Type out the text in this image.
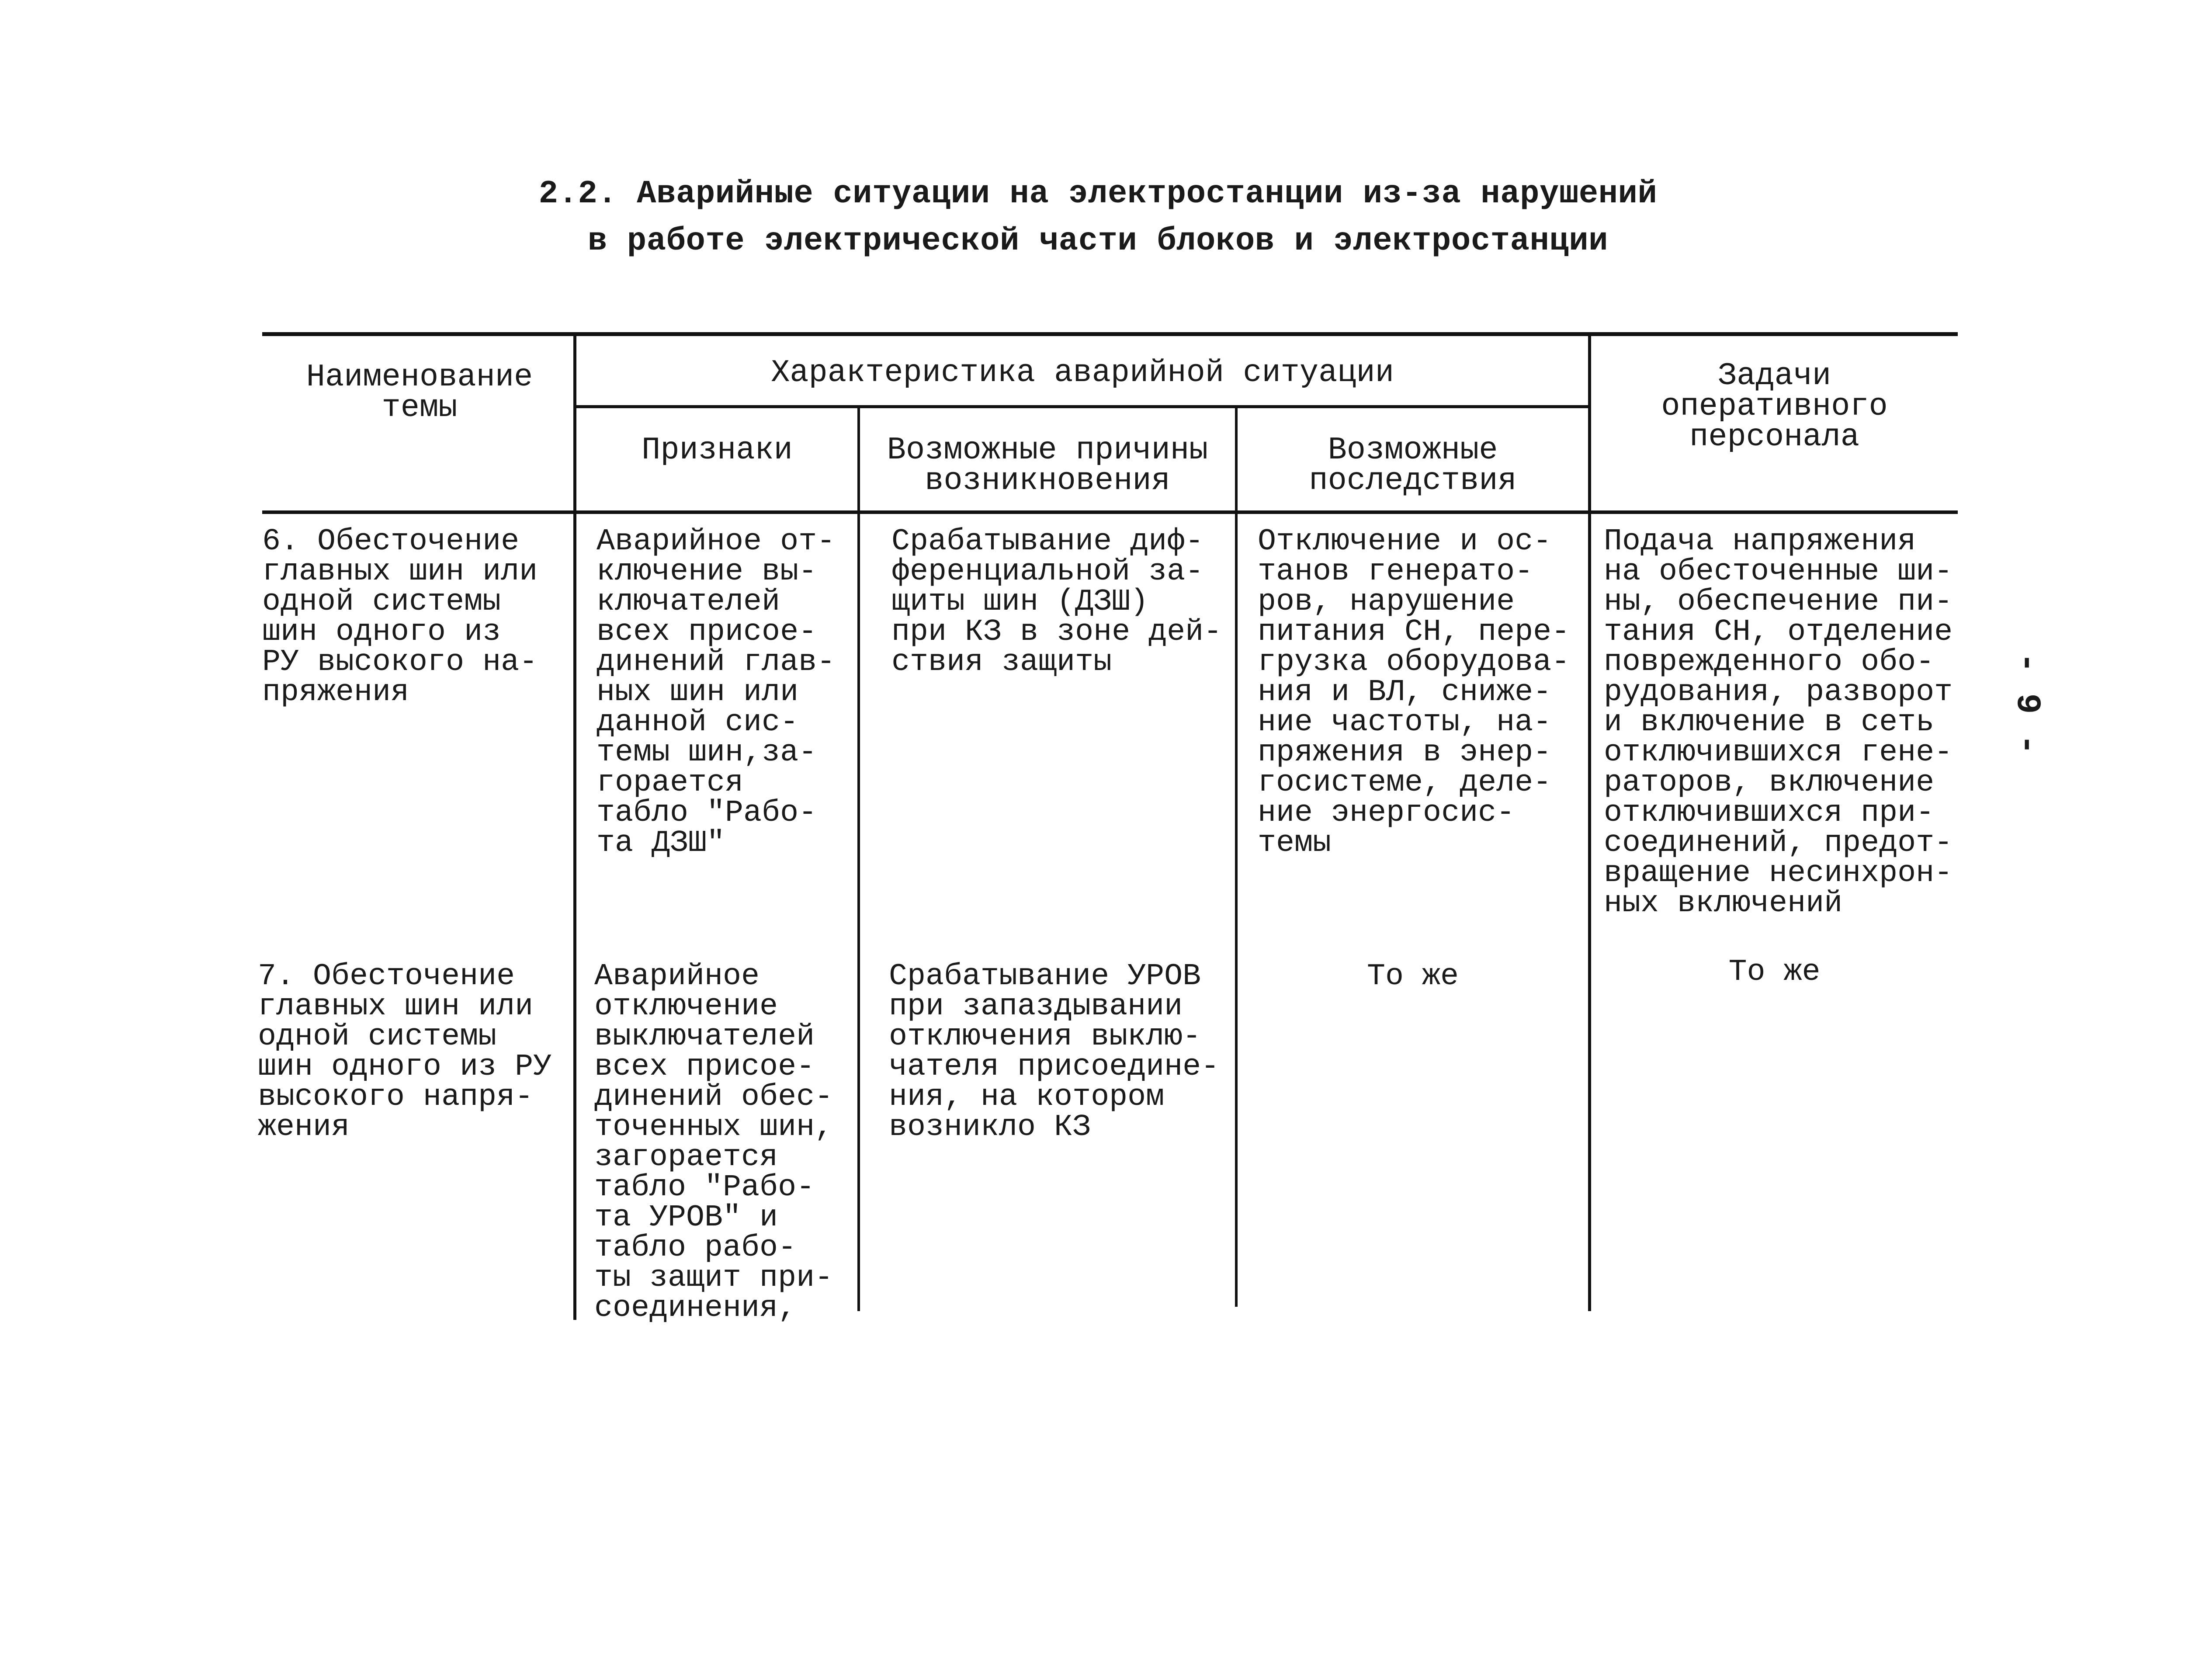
2.2. Аварийные ситуации на электростанции из-за нарушений
в работе электрической части блоков и электростанции
Наименование
темы
Характеристика аварийной ситуации
Признаки	Возможные причины
возникновения
Возможные
последствия
Задачи
оперативного
персонала
6. Обесточение
главных шин или
одной системы
шин одного из
РУ высокого на-
пряжения
Аварийное от-
ключение вы-
ключателей
всех присое-
динений глав-
ных шин или
данной сис-
темы шин,за-
горается
табло "Рабо-
та ДЗШ"
Срабатывание диф-
ференциальной за-
щиты шин (ДЗШ)
при КЗ в зоне дей-
ствия защиты
Отключение и ос-
танов генерато-
ров, нарушение
питания СН, пере-
грузка оборудова-
ния и ВЛ, сниже-
ние частоты, на-
пряжения в энер-
госистеме, деле-
ние энергосис-
темы
Подача напряжения
на обесточенные ши-
ны, обеспечение пи-
тания СН, отделение
поврежденного обо-
рудования, разворот
и включение в сеть
отключившихся гене-
раторов, включение
отключившихся при-
соединений, предот-
вращение несинхрон-
ных включений
7. Обесточение
главных шин или
одной системы
шин одного из РУ
высокого напря-
жения
Аварийное
отключение
выключателей
всех присое-
динений обес-
точенных шин,
загорается
табло "Рабо-
та УРОВ" и
табло рабо-
ты защит при-
соединения,
Срабатывание УРОВ
при запаздывании
отключения выклю-
чателя присоедине-
ния, на котором
возникло КЗ
То же	То же
- 9 -
